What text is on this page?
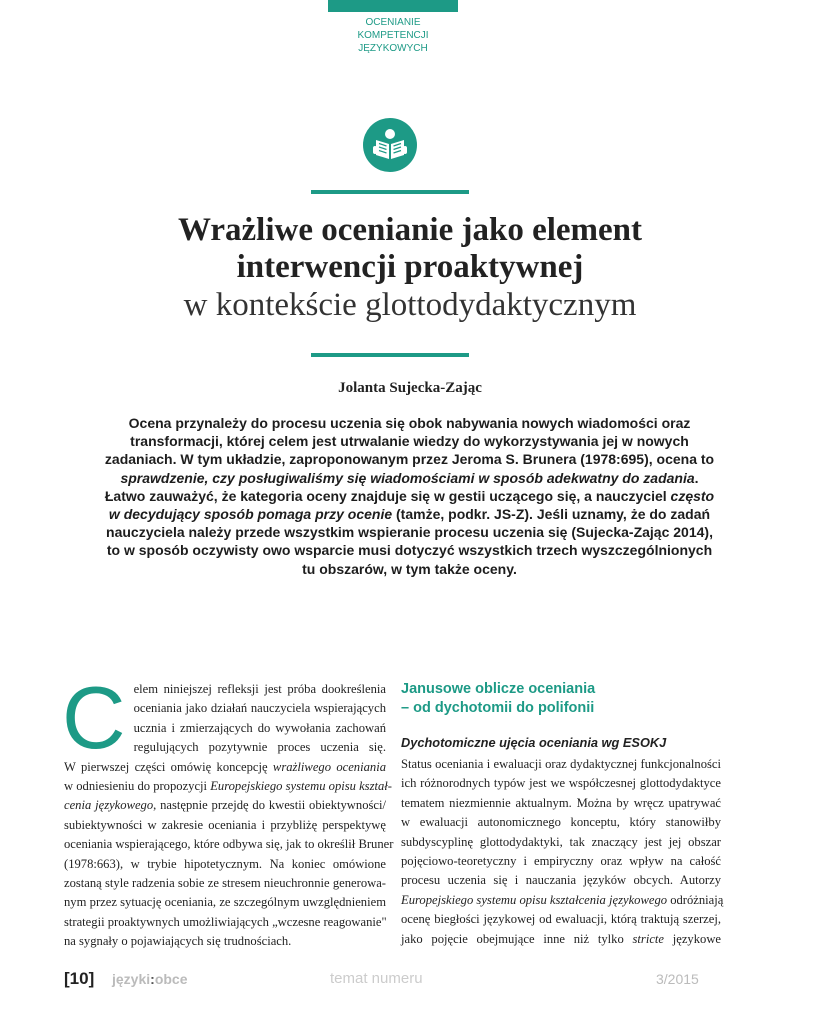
OCENIANIE
KOMPETENCJI
JĘZYKOWYCH
Wrażliwe ocenianie jako element
interwencji proaktywnej
w kontekście glottodydaktycznym
Jolanta Sujecka-Zając
Ocena przynależy do procesu uczenia się obok nabywania nowych wiadomości oraz transformacji, której celem jest utrwalanie wiedzy do wykorzystywania jej w nowych zadaniach. W tym układzie, zaproponowanym przez Jeroma S. Brunera (1978:695), ocena to sprawdzenie, czy posługiwaliśmy się wiadomościami w sposób adekwatny do zadania. Łatwo zauważyć, że kategoria oceny znajduje się w gestii uczącego się, a nauczyciel często w decydujący sposób pomaga przy ocenie (tamże, podkr. JS-Z). Jeśli uznamy, że do zadań nauczyciela należy przede wszystkim wspieranie procesu uczenia się (Sujecka-Zając 2014), to w sposób oczywisty owo wsparcie musi dotyczyć wszystkich trzech wyszczególnionych tu obszarów, w tym także oceny.
C elem niniejszej refleksji jest próba dookreślenia
oceniania jako działań nauczyciela wspierających
ucznia i zmierzających do wywołania zachowań
regulujących pozytywnie proces uczenia się.
W pierwszej części omówię koncepcję wrażliwego oceniania
w odniesieniu do propozycji Europejskiego systemu opisu kształ-
cenia językowego, następnie przejdę do kwestii obiektywności/
subiektywności w zakresie oceniania i przybliżę perspektywę
oceniania wspierającego, które odbywa się, jak to określił Bruner
(1978:663), w trybie hipotetycznym. Na koniec omówione
zostaną style radzenia sobie ze stresem nieuchronnie generowa-
nym przez sytuację oceniania, ze szczególnym uwzględnieniem
strategii proaktywnych umożliwiających „wczesne reagowanie"
na sygnały o pojawiających się trudnościach.
Janusowe oblicze oceniania
– od dychotomii do polifonii
Dychotomiczne ujęcia oceniania wg ESOKJ
Status oceniania i ewaluacji oraz dydaktycznej funkcjonalności
ich różnorodnych typów jest we współczesnej glottodydaktyce
tematem niezmiennie aktualnym. Można by wręcz upatrywać
w ewaluacji autonomicznego konceptu, który stanowiłby
subdyscyplinę glottodydaktyki, tak znaczący jest jej obszar
pojęciowo-teoretyczny i empiryczny oraz wpływ na całość
procesu uczenia się i nauczania języków obcych. Autorzy
Europejskiego systemu opisu kształcenia językowego odróżniają
ocenę biegłości językowej od ewaluacji, którą traktują szerzej,
jako pojęcie obejmujące inne niż tylko stricte językowe
[10] języki:obce	temat numeru	3/2015
